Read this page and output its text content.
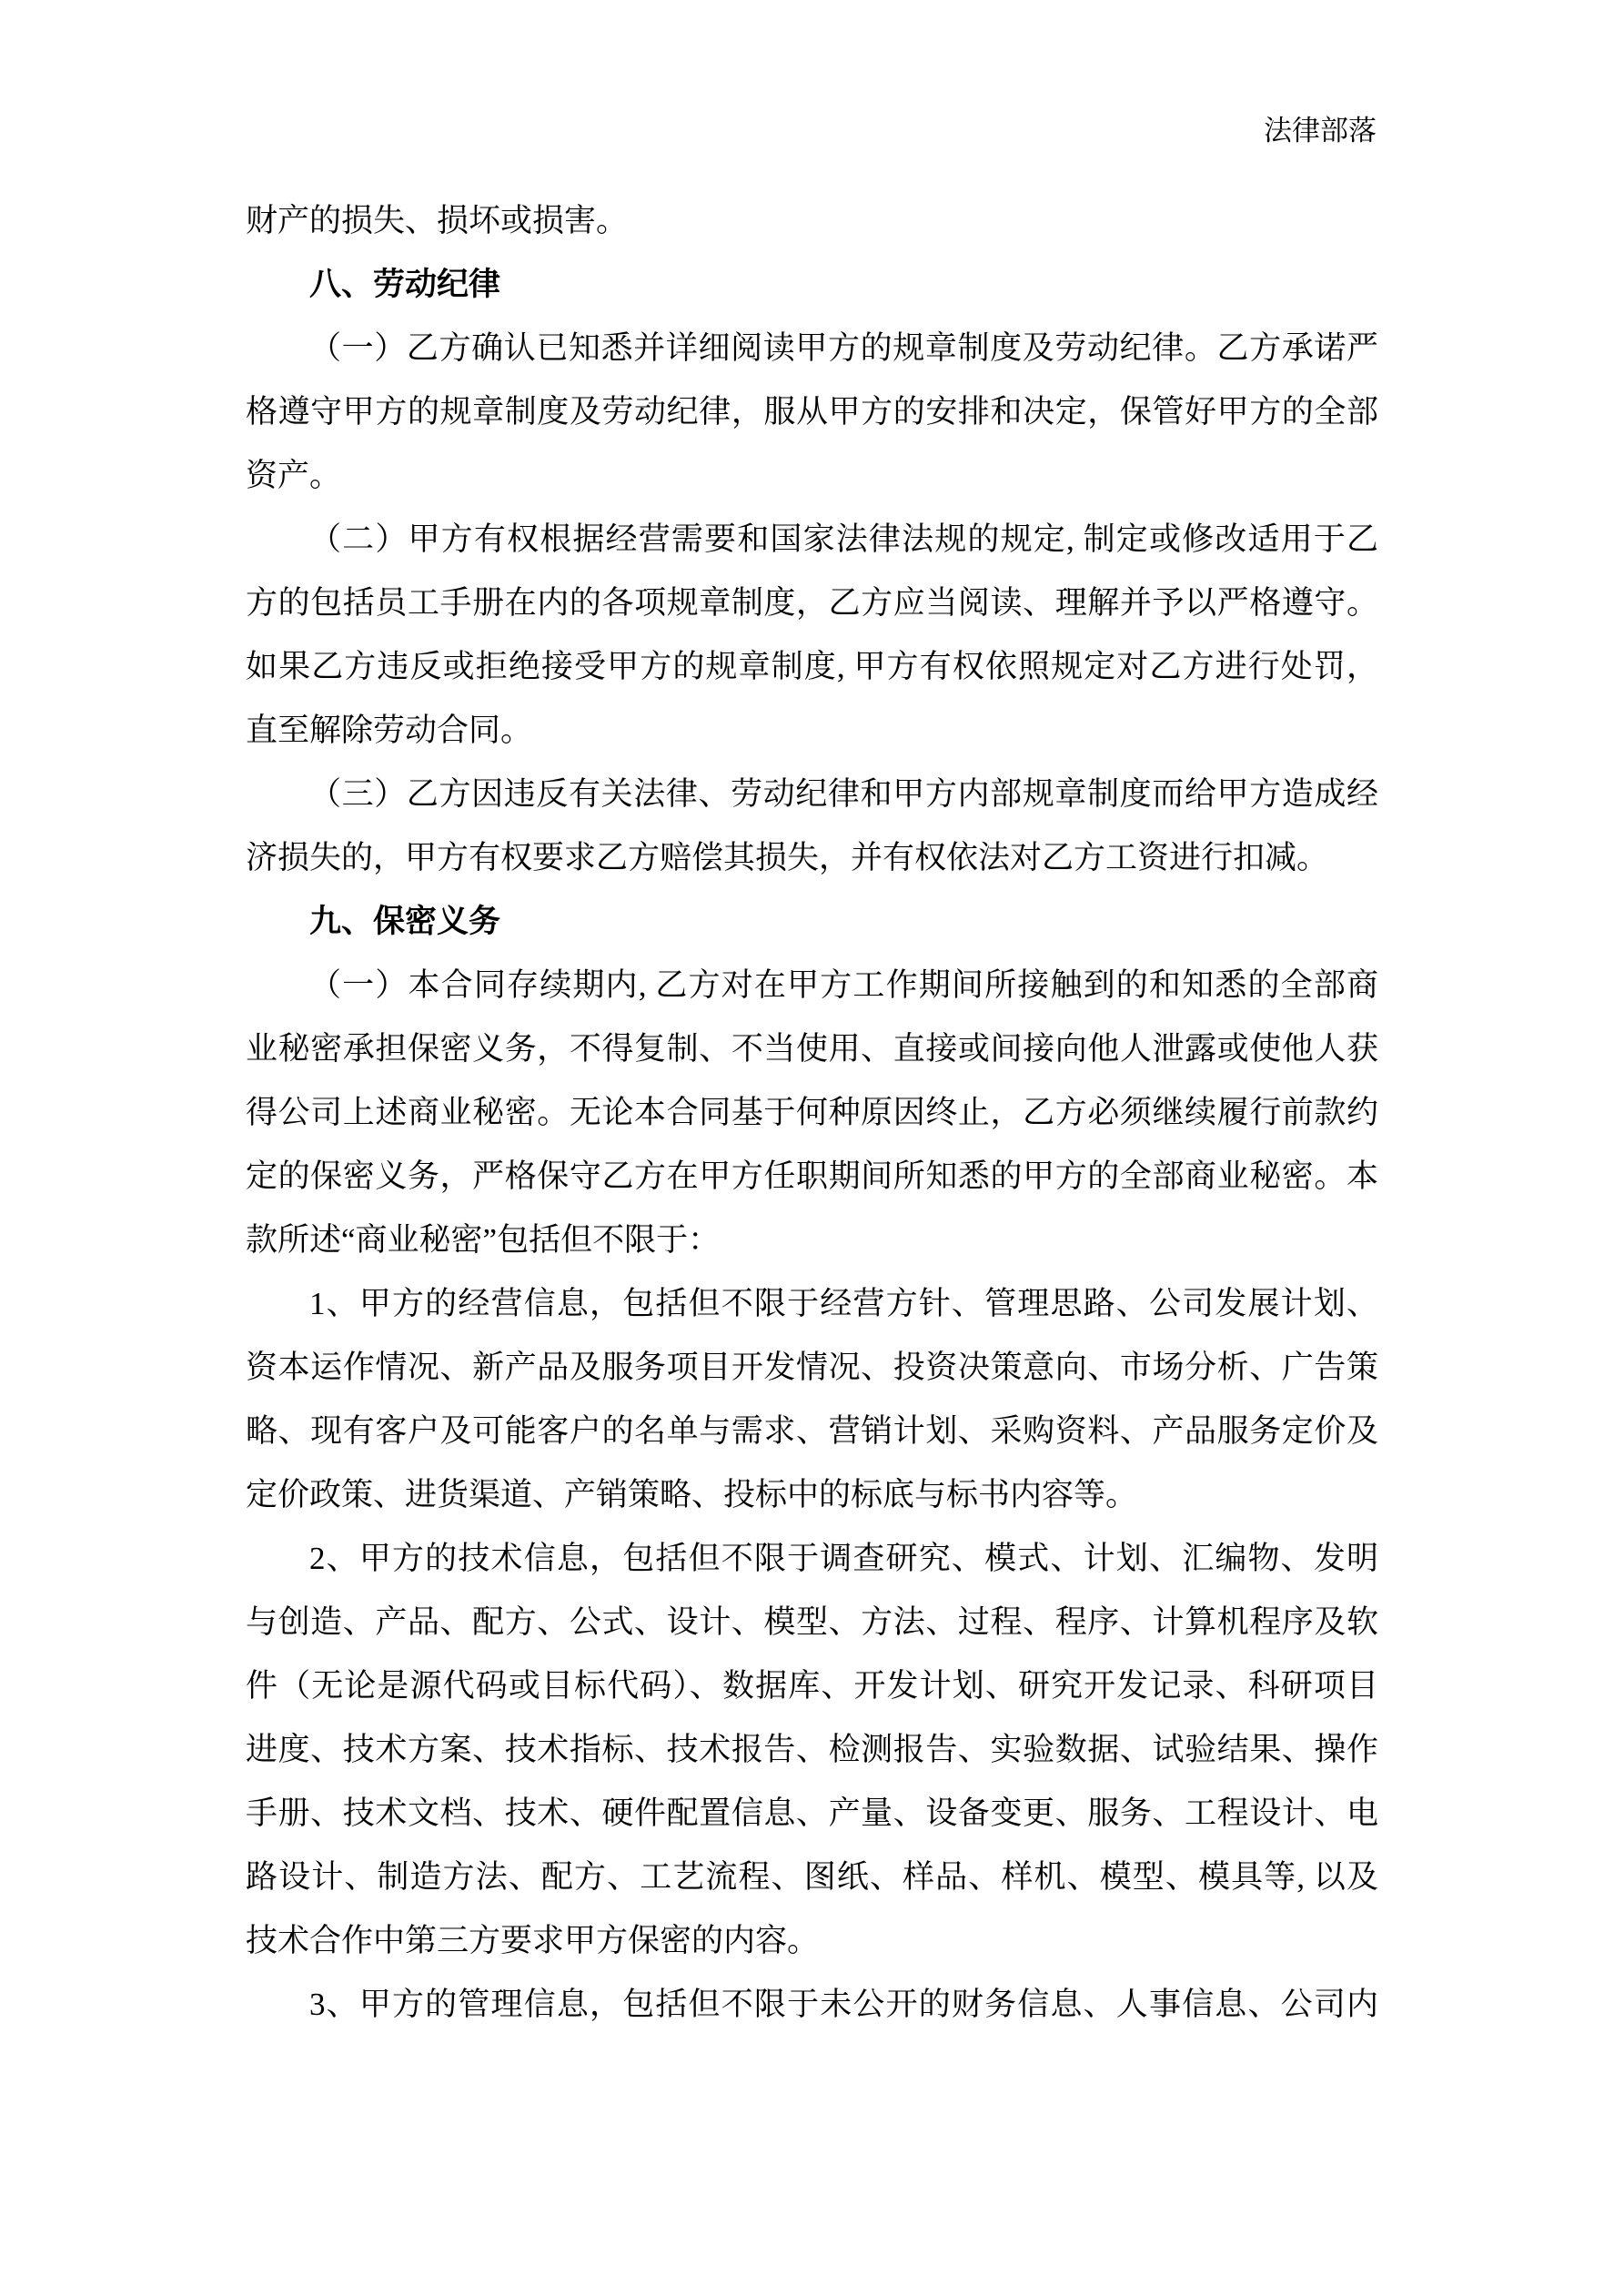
法律部落
财产的损失、损坏或损害。
八、劳动纪律
（一）乙方确认已知悉并详细阅读甲方的规章制度及劳动纪律。乙方承诺严
格遵守甲方的规章制度及劳动纪律，服从甲方的安排和决定，保管好甲方的全部
资产。
（二）甲方有权根据经营需要和国家法律法规的规定, 制定或修改适用于乙
方的包括员工手册在内的各项规章制度，乙方应当阅读、理解并予以严格遵守。
如果乙方违反或拒绝接受甲方的规章制度, 甲方有权依照规定对乙方进行处罚，
直至解除劳动合同。
（三）乙方因违反有关法律、劳动纪律和甲方内部规章制度而给甲方造成经
济损失的，甲方有权要求乙方赔偿其损失，并有权依法对乙方工资进行扣减。
九、保密义务
（一）本合同存续期内, 乙方对在甲方工作期间所接触到的和知悉的全部商
业秘密承担保密义务，不得复制、不当使用、直接或间接向他人泄露或使他人获
得公司上述商业秘密。无论本合同基于何种原因终止，乙方必须继续履行前款约
定的保密义务，严格保守乙方在甲方任职期间所知悉的甲方的全部商业秘密。本
款所述“商业秘密”包括但不限于：
1、甲方的经营信息，包括但不限于经营方针、管理思路、公司发展计划、
资本运作情况、新产品及服务项目开发情况、投资决策意向、市场分析、广告策
略、现有客户及可能客户的名单与需求、营销计划、采购资料、产品服务定价及
定价政策、进货渠道、产销策略、投标中的标底与标书内容等。
2、甲方的技术信息，包括但不限于调查研究、模式、计划、汇编物、发明
与创造、产品、配方、公式、设计、模型、方法、过程、程序、计算机程序及软
件（无论是源代码或目标代码）、数据库、开发计划、研究开发记录、科研项目
进度、技术方案、技术指标、技术报告、检测报告、实验数据、试验结果、操作
手册、技术文档、技术、硬件配置信息、产量、设备变更、服务、工程设计、电
路设计、制造方法、配方、工艺流程、图纸、样品、样机、模型、模具等, 以及
技术合作中第三方要求甲方保密的内容。
3、甲方的管理信息，包括但不限于未公开的财务信息、人事信息、公司内
